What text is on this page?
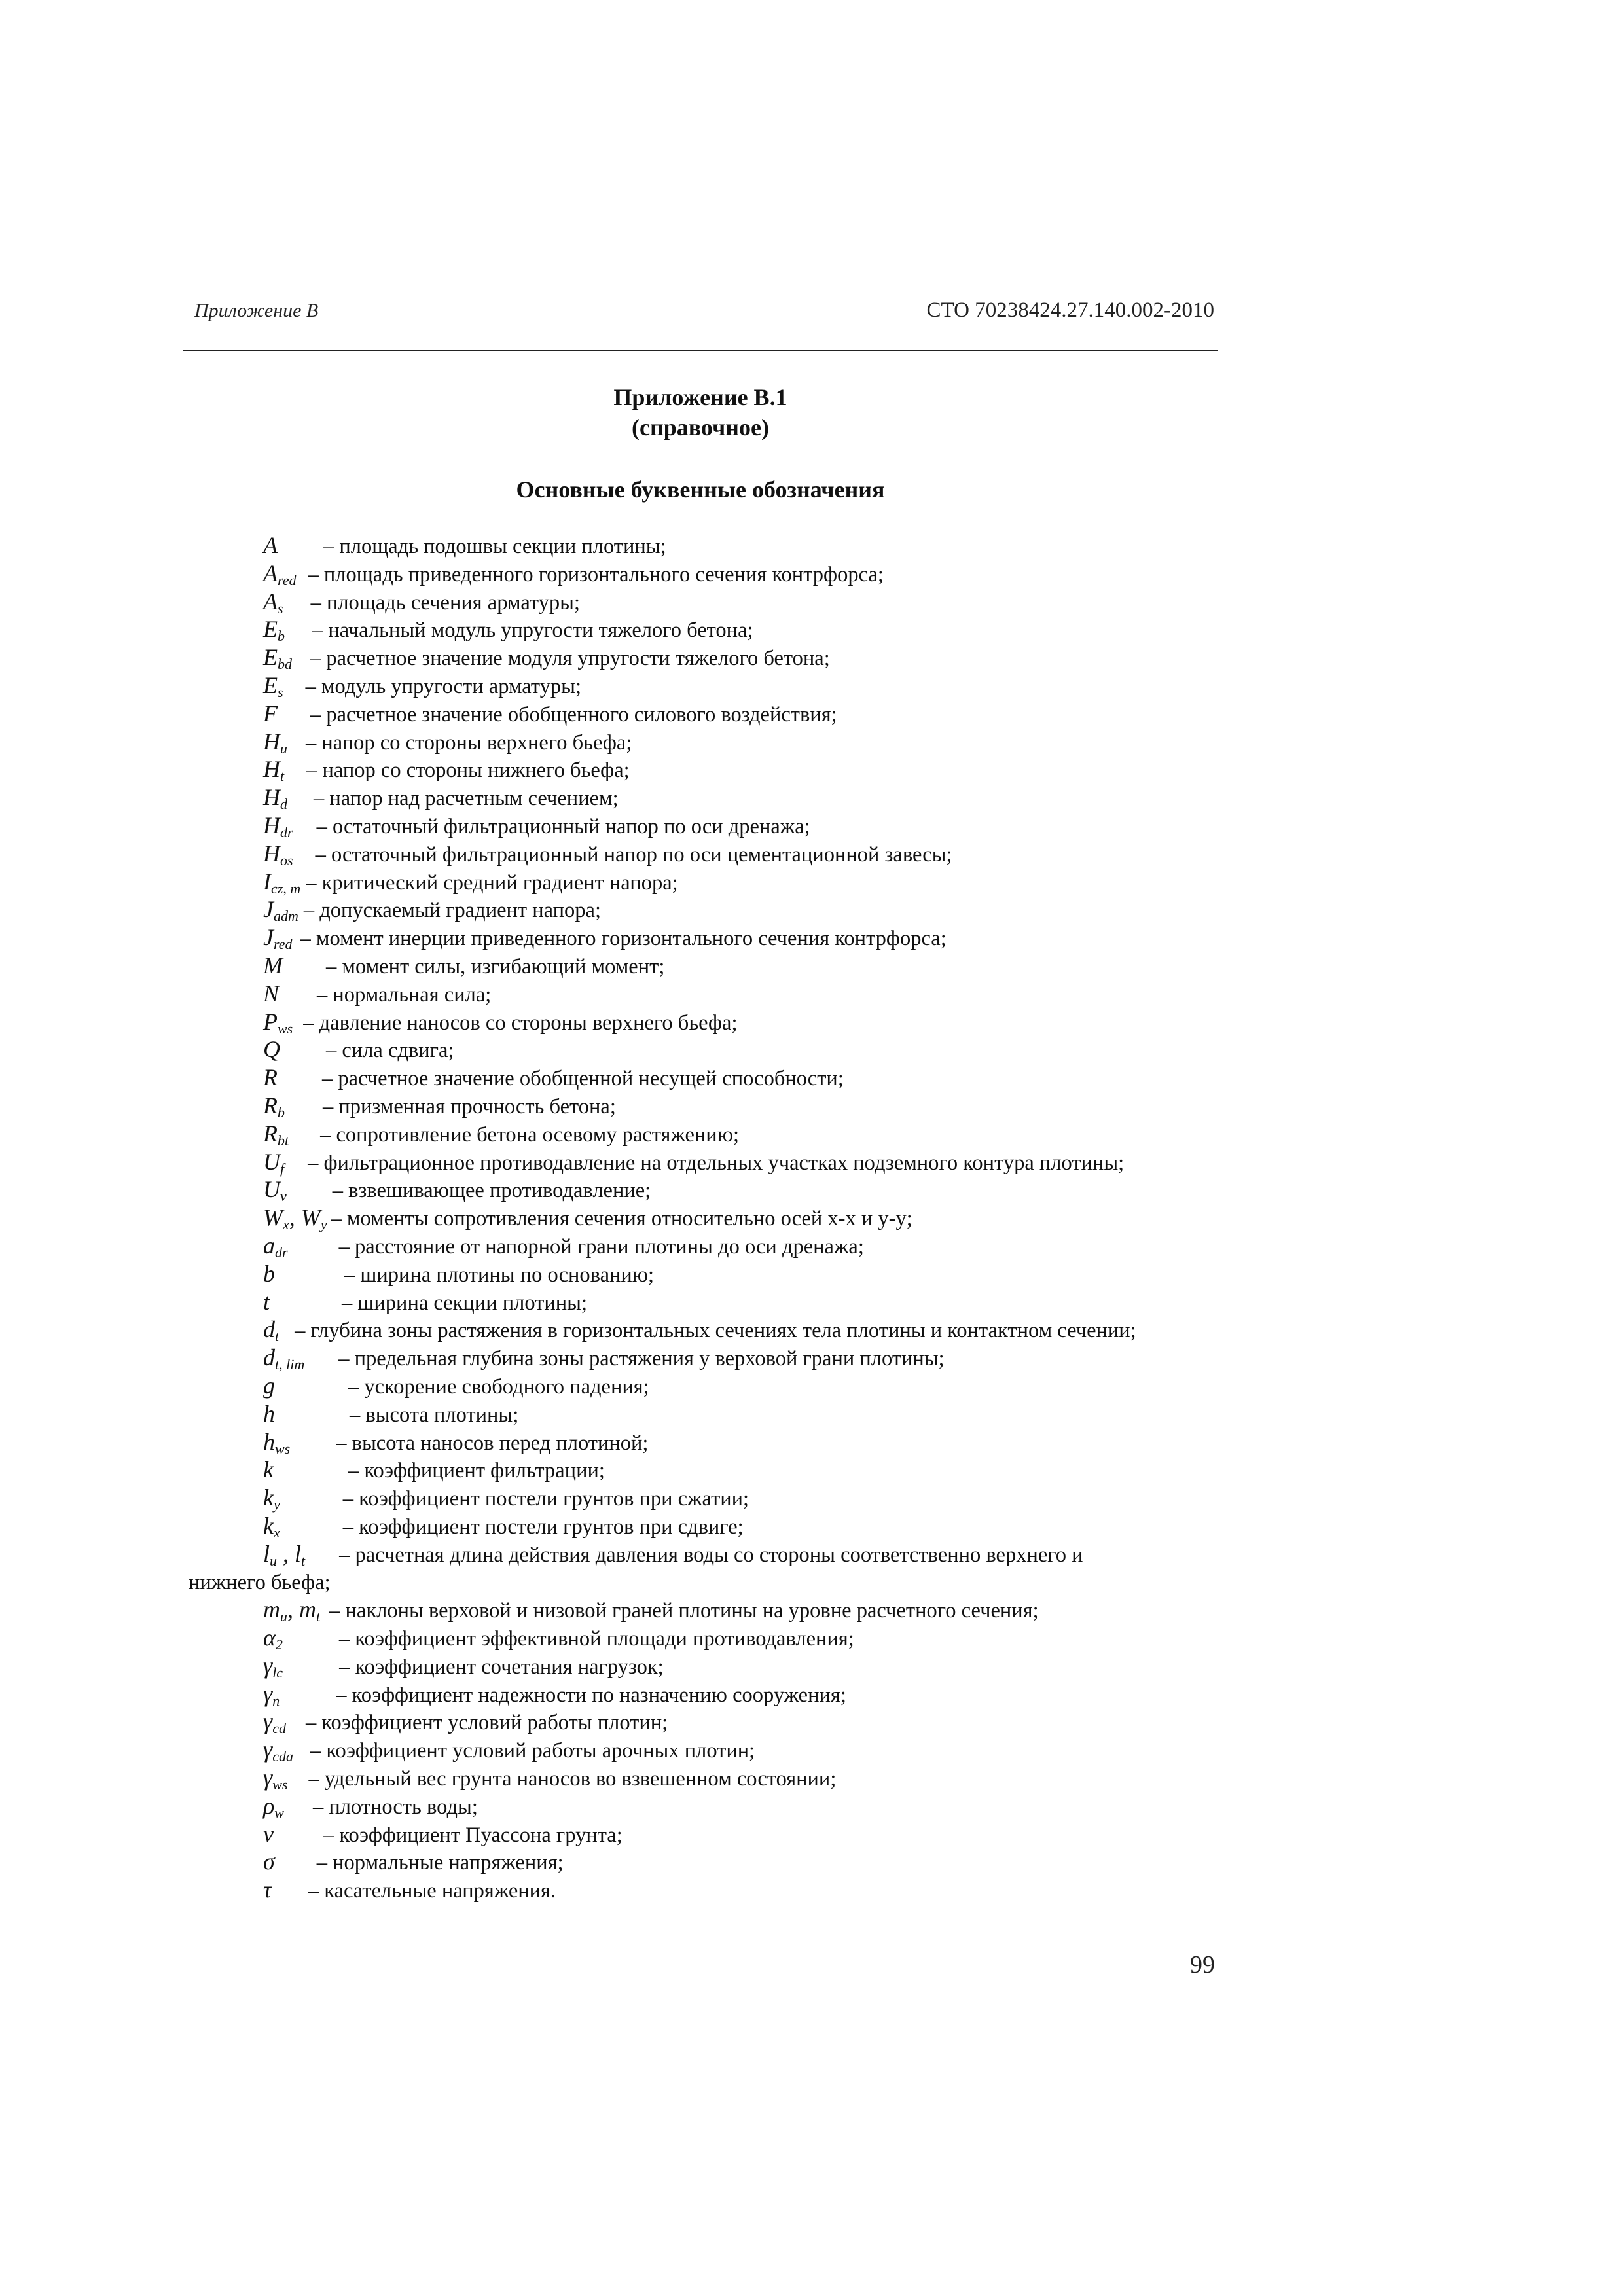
Приложение В	СТО 70238424.27.140.002-2010
Приложение В.1
(справочное)
Основные буквенные обозначения
A – площадь подошвы секции плотины;
$A_{red}$ – площадь приведенного горизонтального сечения контрфорса;
$A_s$ – площадь сечения арматуры;
$E_b$ – начальный модуль упругости тяжелого бетона;
$E_{bd}$ – расчетное значение модуля упругости тяжелого бетона;
$E_s$ – модуль упругости арматуры;
F – расчетное значение обобщенного силового воздействия;
$H_u$ – напор со стороны верхнего бьефа;
$H_t$ – напор со стороны нижнего бьефа;
$H_d$ – напор над расчетным сечением;
$H_{dr}$ – остаточный фильтрационный напор по оси дренажа;
$H_{os}$ – остаточный фильтрационный напор по оси цементационной завесы;
$I_{cz, m}$ – критический средний градиент напора;
$J_{adm}$ – допускаемый градиент напора;
$J_{red}$ – момент инерции приведенного горизонтального сечения контрфорса;
M – момент силы, изгибающий момент;
N – нормальная сила;
$P_{ws}$ – давление наносов со стороны верхнего бьефа;
Q – сила сдвига;
R – расчетное значение обобщенной несущей способности;
$R_b$ – призменная прочность бетона;
$R_{bt}$ – сопротивление бетона осевому растяжению;
$U_f$ – фильтрационное противодавление на отдельных участках подземного контура плотины;
$U_v$ – взвешивающее противодавление;
$W_x$, $W_y$ – моменты сопротивления сечения относительно осей x-x и y-y;
$a_{dr}$ – расстояние от напорной грани плотины до оси дренажа;
b	– ширина плотины по основанию;
t	– ширина секции плотины;
$d_t$ – глубина зоны растяжения в горизонтальных сечениях тела плотины и контактном сечении;
$d_{t, lim}$ – предельная глубина зоны растяжения у верховой грани плотины;
g	– ускорение свободного падения;
h	– высота плотины;
$h_{ws}$ – высота наносов перед плотиной;
k	– коэффициент фильтрации;
$k_y$	– коэффициент постели грунтов при сжатии;
$k_x$	– коэффициент постели грунтов при сдвиге;
$l_u$ , $l_t$ – расчетная длина действия давления воды со стороны соответственно верхнего и
нижнего бьефа;
$m_u$, $m_t$ – наклоны верховой и низовой граней плотины на уровне расчетного сечения;
$\alpha_2$	– коэффициент эффективной площади противодавления;
$\gamma_{lc}$	– коэффициент сочетания нагрузок;
$\gamma_n$	– коэффициент надежности по назначению сооружения;
$\gamma_{cd}$ – коэффициент условий работы плотин;
$\gamma_{cda}$ – коэффициент условий работы арочных плотин;
$\gamma_{ws}$ – удельный вес грунта наносов во взвешенном состоянии;
$\rho_w$ – плотность воды;
v – коэффициент Пуассона грунта;
σ – нормальные напряжения;
τ – касательные напряжения.
99
